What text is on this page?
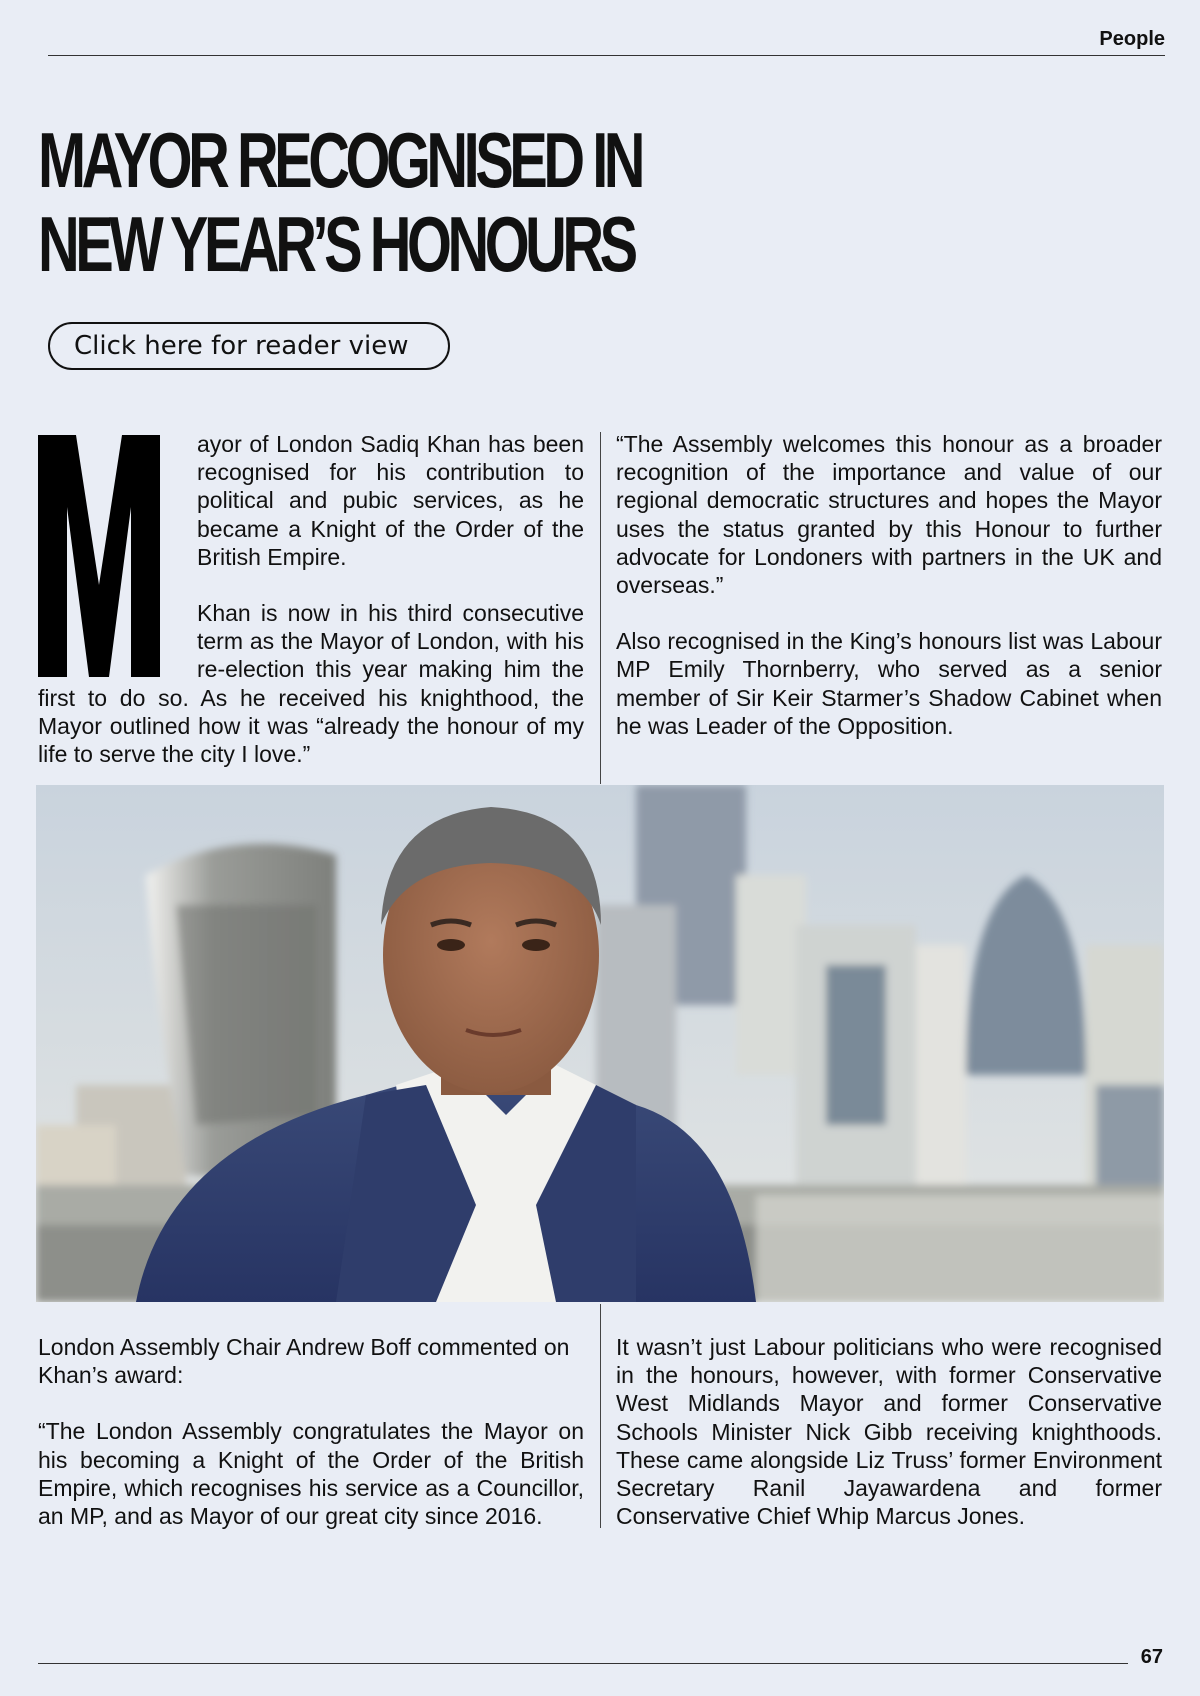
People
MAYOR RECOGNISED IN
NEW YEAR’S HONOURS
Click here for reader view

ayor of London Sadiq Khan has been recognised for his contribution to political and pubic services, as he became a Knight of the Order of the British Empire.

Khan is now in his third consecutive term as the Mayor of London, with his re-election this year making him the first to do so. As he received his knighthood, the Mayor outlined how it was “already the honour of my life to serve the city I love.”

“The Assembly welcomes this honour as a broader recognition of the importance and value of our regional democratic structures and hopes the Mayor uses the status granted by this Honour to further advocate for Londoners with partners in the UK and overseas.”

Also recognised in the King’s honours list was Labour MP Emily Thornberry, who served as a senior member of Sir Keir Starmer’s Shadow Cabinet when he was Leader of the Opposition.

London Assembly Chair Andrew Boff commented on Khan’s award:

“The London Assembly congratulates the Mayor on his becoming a Knight of the Order of the British Empire, which recognises his service as a Councillor, an MP, and as Mayor of our great city since 2016.

It wasn’t just Labour politicians who were recognised in the honours, however, with former Conservative West Midlands Mayor and former Conservative Schools Minister Nick Gibb receiving knighthoods. These came alongside Liz Truss’ former Environment Secretary Ranil Jayawardena and former Conservative Chief Whip Marcus Jones.

67
